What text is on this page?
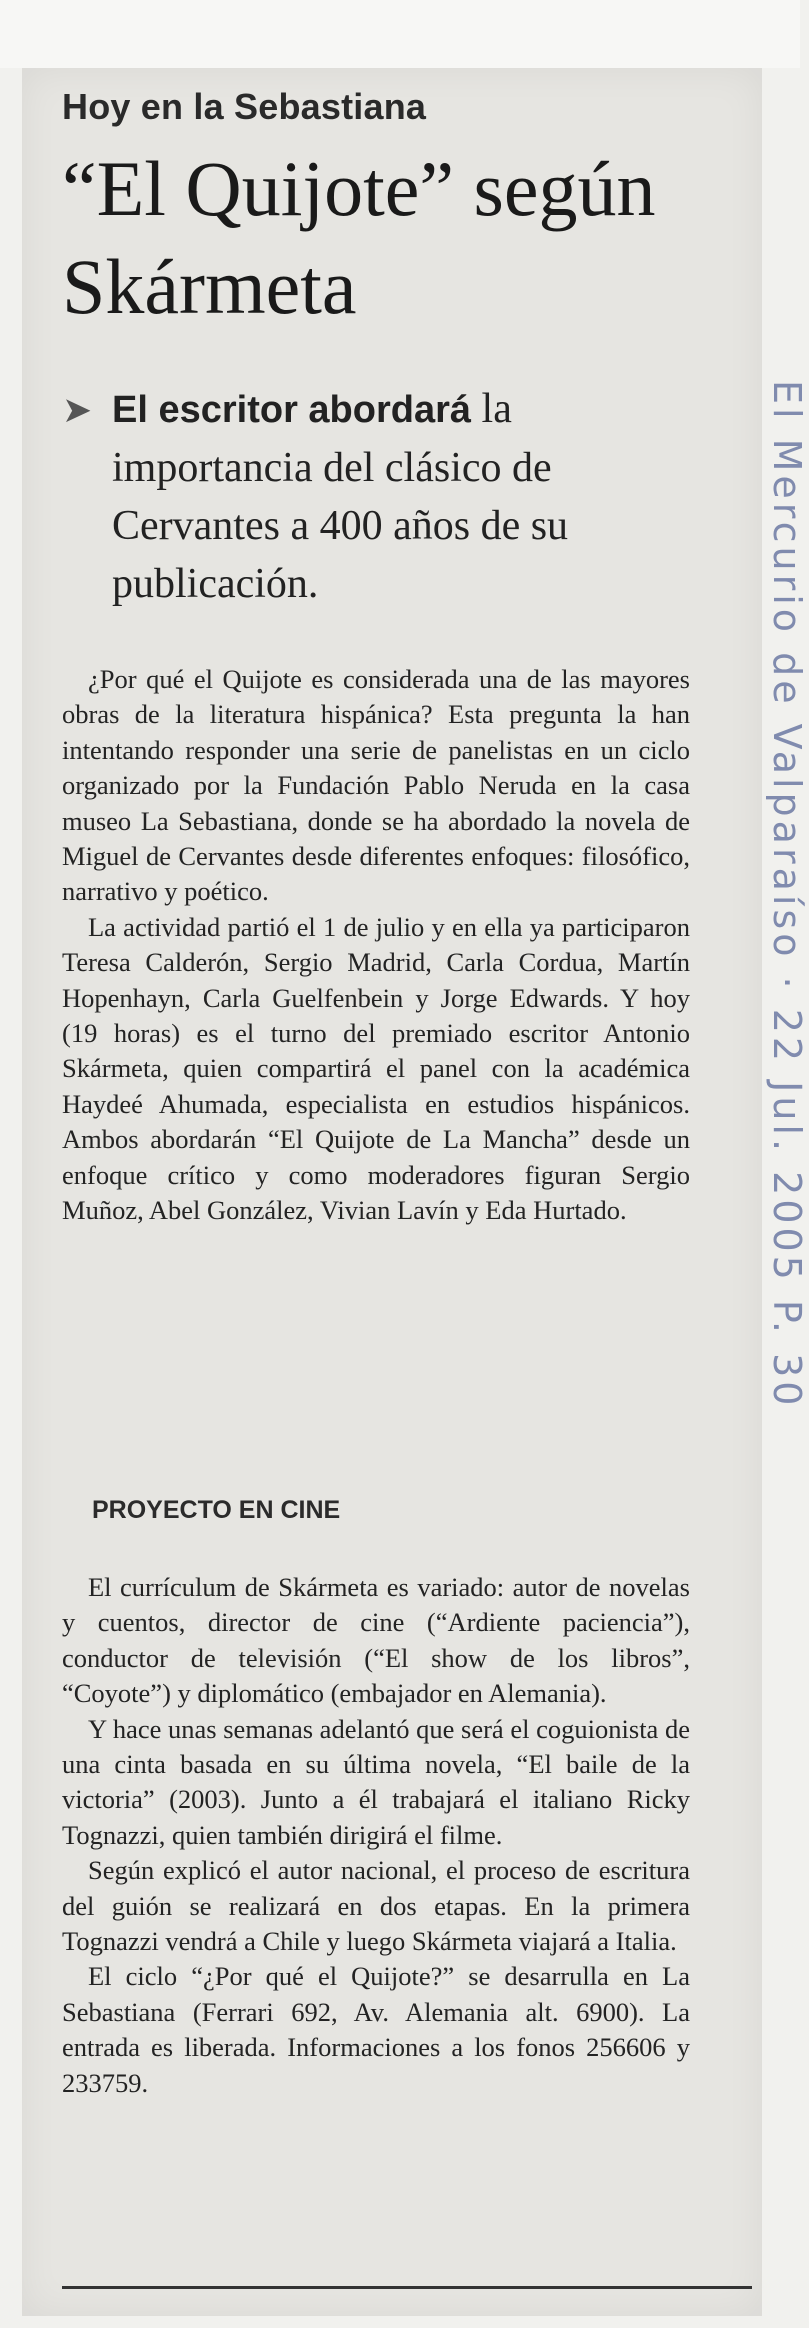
Hoy en la Sebastiana
“El Quijote” según Skármeta
➤ El escritor abordará la importancia del clásico de Cervantes a 400 años de su publicación.

¿Por qué el Quijote es considerada una de las mayores obras de la literatura hispánica? Esta pregunta la han intentando responder una serie de panelistas en un ciclo organizado por la Fundación Pablo Neruda en la casa museo La Sebastiana, donde se ha abordado la novela de Miguel de Cervantes desde diferentes enfoques: filosófico, narrativo y poético.

La actividad partió el 1 de julio y en ella ya participaron Teresa Calderón, Sergio Madrid, Carla Cordua, Martín Hopenhayn, Carla Guelfenbein y Jorge Edwards. Y hoy (19 horas) es el turno del premiado escritor Antonio Skármeta, quien compartirá el panel con la académica Haydeé Ahumada, especialista en estudios hispánicos. Ambos abordarán “El Quijote de La Mancha” desde un enfoque crítico y como moderadores figuran Sergio Muñoz, Abel González, Vivian Lavín y Eda Hurtado.

PROYECTO EN CINE

El currículum de Skármeta es variado: autor de novelas y cuentos, director de cine (“Ardiente paciencia”), conductor de televisión (“El show de los libros”, “Coyote”) y diplomático (embajador en Alemania).

Y hace unas semanas adelantó que será el coguionista de una cinta basada en su última novela, “El baile de la victoria” (2003). Junto a él trabajará el italiano Ricky Tognazzi, quien también dirigirá el filme.

Según explicó el autor nacional, el proceso de escritura del guión se realizará en dos etapas. En la primera Tognazzi vendrá a Chile y luego Skármeta viajará a Italia.

El ciclo “¿Por qué el Quijote?” se desarrulla en La Sebastiana (Ferrari 692, Av. Alemania alt. 6900). La entrada es liberada. Informaciones a los fonos 256606 y 233759.

El Mercurio de Valparaíso · 22 Jul. 2005 P. 30
